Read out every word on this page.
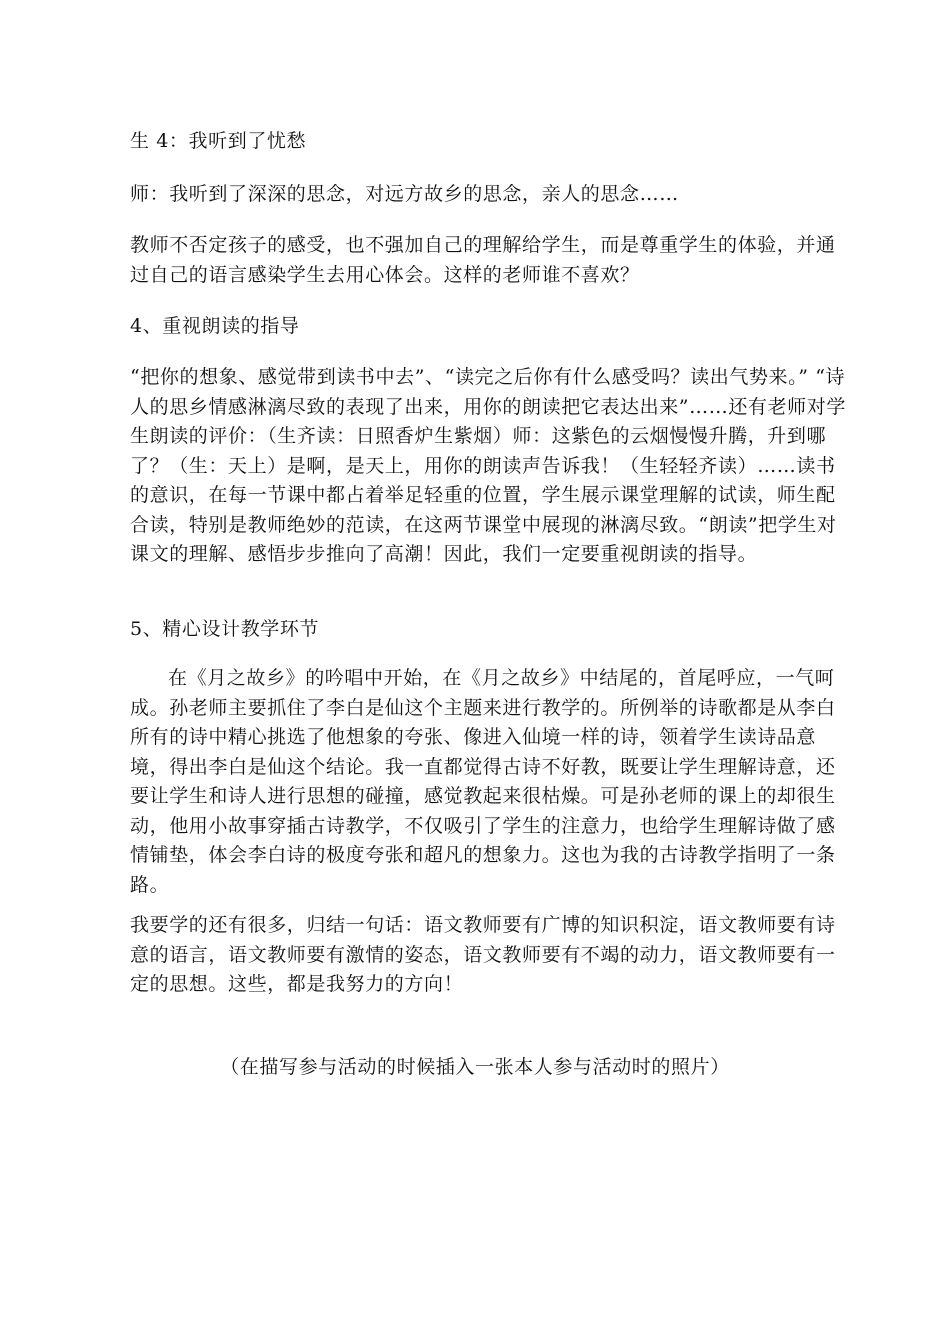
生 4：我听到了忧愁

师：我听到了深深的思念，对远方故乡的思念，亲人的思念……

教师不否定孩子的感受，也不强加自己的理解给学生，而是尊重学生的体验，并通过自己的语言感染学生去用心体会。这样的老师谁不喜欢？

4、重视朗读的指导

“把你的想象、感觉带到读书中去”、“读完之后你有什么感受吗？读出气势来。” “诗人的思乡情感淋漓尽致的表现了出来，用你的朗读把它表达出来”……还有老师对学生朗读的评价：（生齐读：日照香炉生紫烟）师：这紫色的云烟慢慢升腾，升到哪了？（生：天上）是啊，是天上，用你的朗读声告诉我！（生轻轻齐读）……读书的意识，在每一节课中都占着举足轻重的位置，学生展示课堂理解的试读，师生配合读，特别是教师绝妙的范读，在这两节课堂中展现的淋漓尽致。“朗读”把学生对课文的理解、感悟步步推向了高潮！因此，我们一定要重视朗读的指导。

5、精心设计教学环节

在《月之故乡》的吟唱中开始，在《月之故乡》中结尾的，首尾呼应，一气呵成。孙老师主要抓住了李白是仙这个主题来进行教学的。所例举的诗歌都是从李白所有的诗中精心挑选了他想象的夸张、像进入仙境一样的诗，领着学生读诗品意境，得出李白是仙这个结论。我一直都觉得古诗不好教，既要让学生理解诗意，还要让学生和诗人进行思想的碰撞，感觉教起来很枯燥。可是孙老师的课上的却很生动，他用小故事穿插古诗教学，不仅吸引了学生的注意力，也给学生理解诗做了感情铺垫，体会李白诗的极度夸张和超凡的想象力。这也为我的古诗教学指明了一条路。

我要学的还有很多，归结一句话：语文教师要有广博的知识积淀，语文教师要有诗意的语言，语文教师要有激情的姿态，语文教师要有不竭的动力，语文教师要有一定的思想。这些，都是我努力的方向！

（在描写参与活动的时候插入一张本人参与活动时的照片）
